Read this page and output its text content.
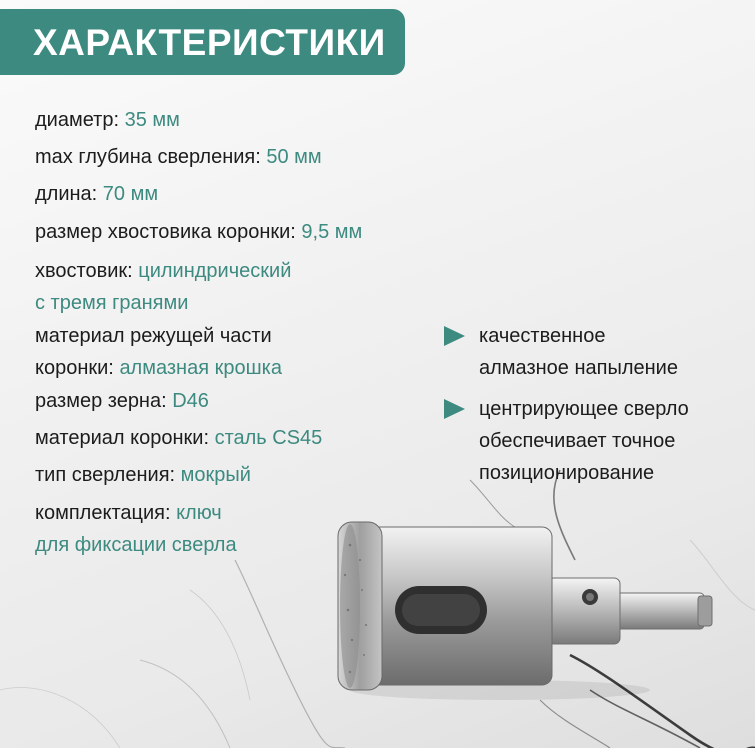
ХАРАКТЕРИСТИКИ

диаметр: 35 мм

max глубина сверления: 50 мм

длина: 70 мм

размер хвостовика коронки: 9,5 мм

хвостовик: цилиндрический
с тремя гранями

материал режущей части
коронки: алмазная крошка

размер зерна: D46

материал коронки: сталь CS45

тип сверления: мокрый

комплектация: ключ
для фиксации сверла

качественное
алмазное напыление
центрирующее сверло
обеспечивает точное
позиционирование
